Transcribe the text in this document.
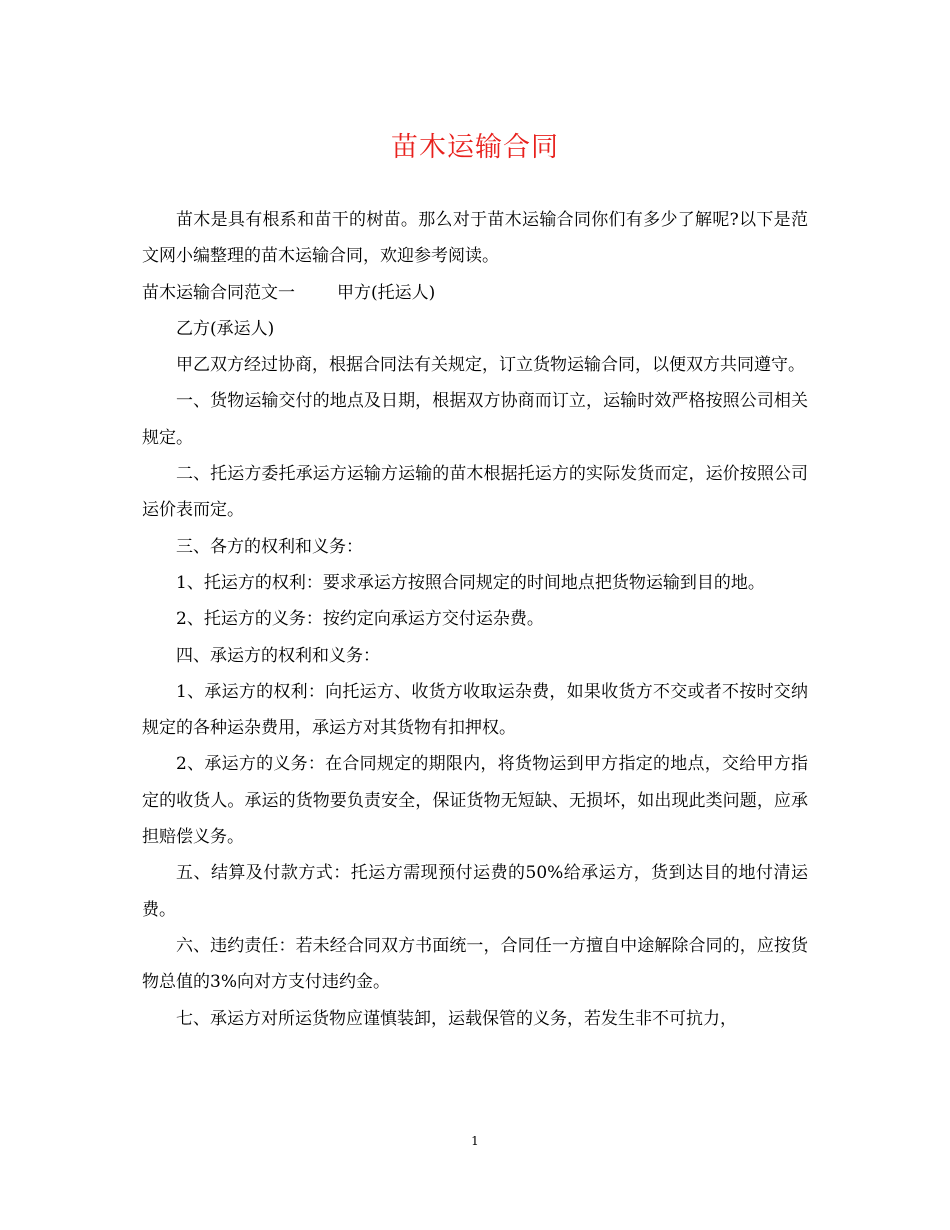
苗木运输合同

苗木是具有根系和苗干的树苗。那么对于苗木运输合同你们有多少了解呢?以下是范文网小编整理的苗木运输合同，欢迎参考阅读。

苗木运输合同范文一 甲方(托运人)

乙方(承运人)

甲乙双方经过协商，根据合同法有关规定，订立货物运输合同，以便双方共同遵守。

一、货物运输交付的地点及日期，根据双方协商而订立，运输时效严格按照公司相关规定。

二、托运方委托承运方运输方运输的苗木根据托运方的实际发货而定，运价按照公司运价表而定。

三、各方的权利和义务：

1、托运方的权利：要求承运方按照合同规定的时间地点把货物运输到目的地。

2、托运方的义务：按约定向承运方交付运杂费。

四、承运方的权利和义务：

1、承运方的权利：向托运方、收货方收取运杂费，如果收货方不交或者不按时交纳规定的各种运杂费用，承运方对其货物有扣押权。

2、承运方的义务：在合同规定的期限内，将货物运到甲方指定的地点，交给甲方指定的收货人。承运的货物要负责安全，保证货物无短缺、无损坏，如出现此类问题，应承担赔偿义务。

五、结算及付款方式：托运方需现预付运费的50%给承运方，货到达目的地付清运费。

六、违约责任：若未经合同双方书面统一，合同任一方擅自中途解除合同的，应按货物总值的3%向对方支付违约金。

七、承运方对所运货物应谨慎装卸，运载保管的义务，若发生非不可抗力，

1
